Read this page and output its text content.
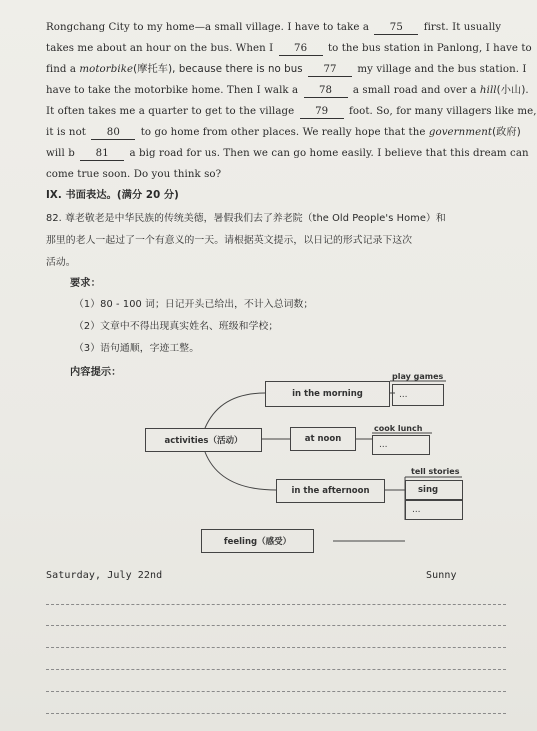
Rongchang City to my home—a small village. I have to take a 75 first. It usually
takes me about an hour on the bus. When I 76 to the bus station in Panlong, I have to
find a motorbike(摩托车), because there is no bus 77 my village and the bus station. I
have to take the motorbike home. Then I walk a 78 a small road and over a hill(小山).
It often takes me a quarter to get to the village 79 foot. So, for many villagers like me,
it is not 80 to go home from other places. We really hope that the government(政府)
will b 81 a big road for us. Then we can go home easily. I believe that this dream can
come true soon. Do you think so?
IX. 书面表达。(满分 20 分)
82. 尊老敬老是中华民族的传统美德，暑假我们去了养老院（the Old People's Home）和
那里的老人一起过了一个有意义的一天。请根据英文提示，以日记的形式记录下这次
活动。
要求：
（1）80 - 100 词；日记开头已给出，不计入总词数；
（2）文章中不得出现真实姓名、班级和学校；
（3）语句通顺，字迹工整。
内容提示：
activities（活动）
in the morning
at noon
in the afternoon
play games
…
cook lunch
…
tell stories
sing
…
feeling（感受）
Saturday, July 22nd	Sunny
